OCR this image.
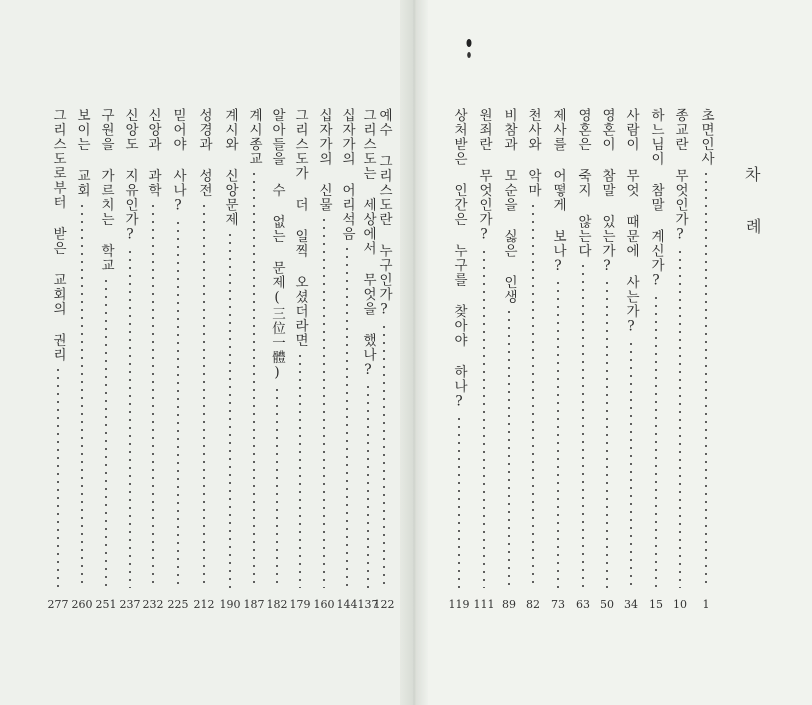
차
례
초면인사
1
종교란 무엇인가?
10
하느님이 참말 계신가?
15
사람이 무엇 때문에 사는가?
34
영혼이 참말 있는가?
50
영혼은 죽지 않는다
63
제사를 어떻게 보나?
73
천사와 악마
82
비참과 모순을 싫은 인생
89
원죄란 무엇인가?
111
상처받은 인간은 누구를 찾아야 하나?
119
예수 그리스도란 누구인가?
122
그리스도는 세상에서 무엇을 했나?
137
십자가의 어리석음
144
십자가의 신물
160
그리스도가 더 일찍 오셨더라면
179
알아들을 수 없는 문제(三位一體)
182
계시종교
187
계시와 신앙문제
190
성경과 성전
212
믿어야 사나?
225
신앙과 과학
232
신앙도 지유인가?
237
구원을 가르치는 학교
251
보이는 교회
260
그리스도로부터 받은 교회의 권리
277
